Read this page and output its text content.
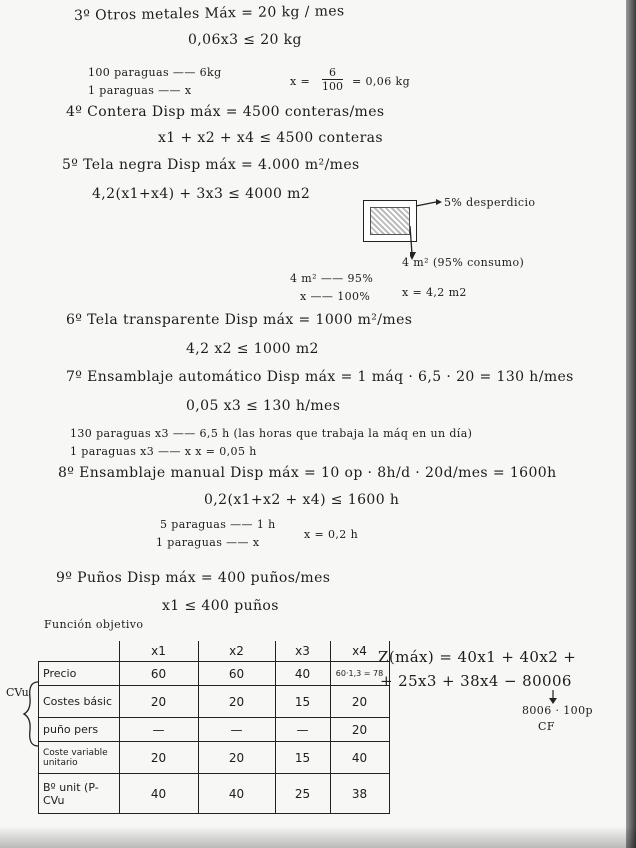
3º Otros metales Máx = 20 kg / mes
0,06x3 ≤ 20 kg
100 paraguas —— 6kg
1 paraguas —— x
$x = \frac{6}{100} = 0,06$ kg
4º Contera Disp máx = 4500 conteras/mes
x1 + x2 + x4 ≤ 4500 conteras
5º Tela negra Disp máx = 4.000 m²/mes
4,2(x1+x4) + 3x3 ≤ 4000 m2
5% desperdicio
4 m² (95% consumo)
4 m² —— 95%
x —— 100%	x = 4,2 m2
6º Tela transparente Disp máx = 1000 m²/mes
4,2 x2 ≤ 1000 m2
7º Ensamblaje automático Disp máx = 1 máq · 6,5 · 20 = 130 h/mes
0,05 x3 ≤ 130 h/mes
130 paraguas x3 —— 6,5 h (las horas que trabaja la máq en un día)
1 paraguas x3 —— x x = 0,05 h
8º Ensamblaje manual Disp máx = 10 op · 8h/d · 20d/mes = 1600h
0,2(x1+x2 + x4) ≤ 1600 h
5 paraguas —— 1 h
1 paraguas —— x
x = 0,2 h
9º Puños Disp máx = 400 puños/mes
x1 ≤ 400 puños
Función objetivo
CVu
	x1	x2	x3	x4
Precio	60	60	40	60·1,3 = 78
Costes básic	20	20	15	20
puño pers	—	—	—	20
Coste variable unitario	20	20	15	40
Bº unit (P-CVu	40	40	25	38
Z(máx) = 40x1 + 40x2 +
+ 25x3 + 38x4 − 80006
8006 · 100p
CF
